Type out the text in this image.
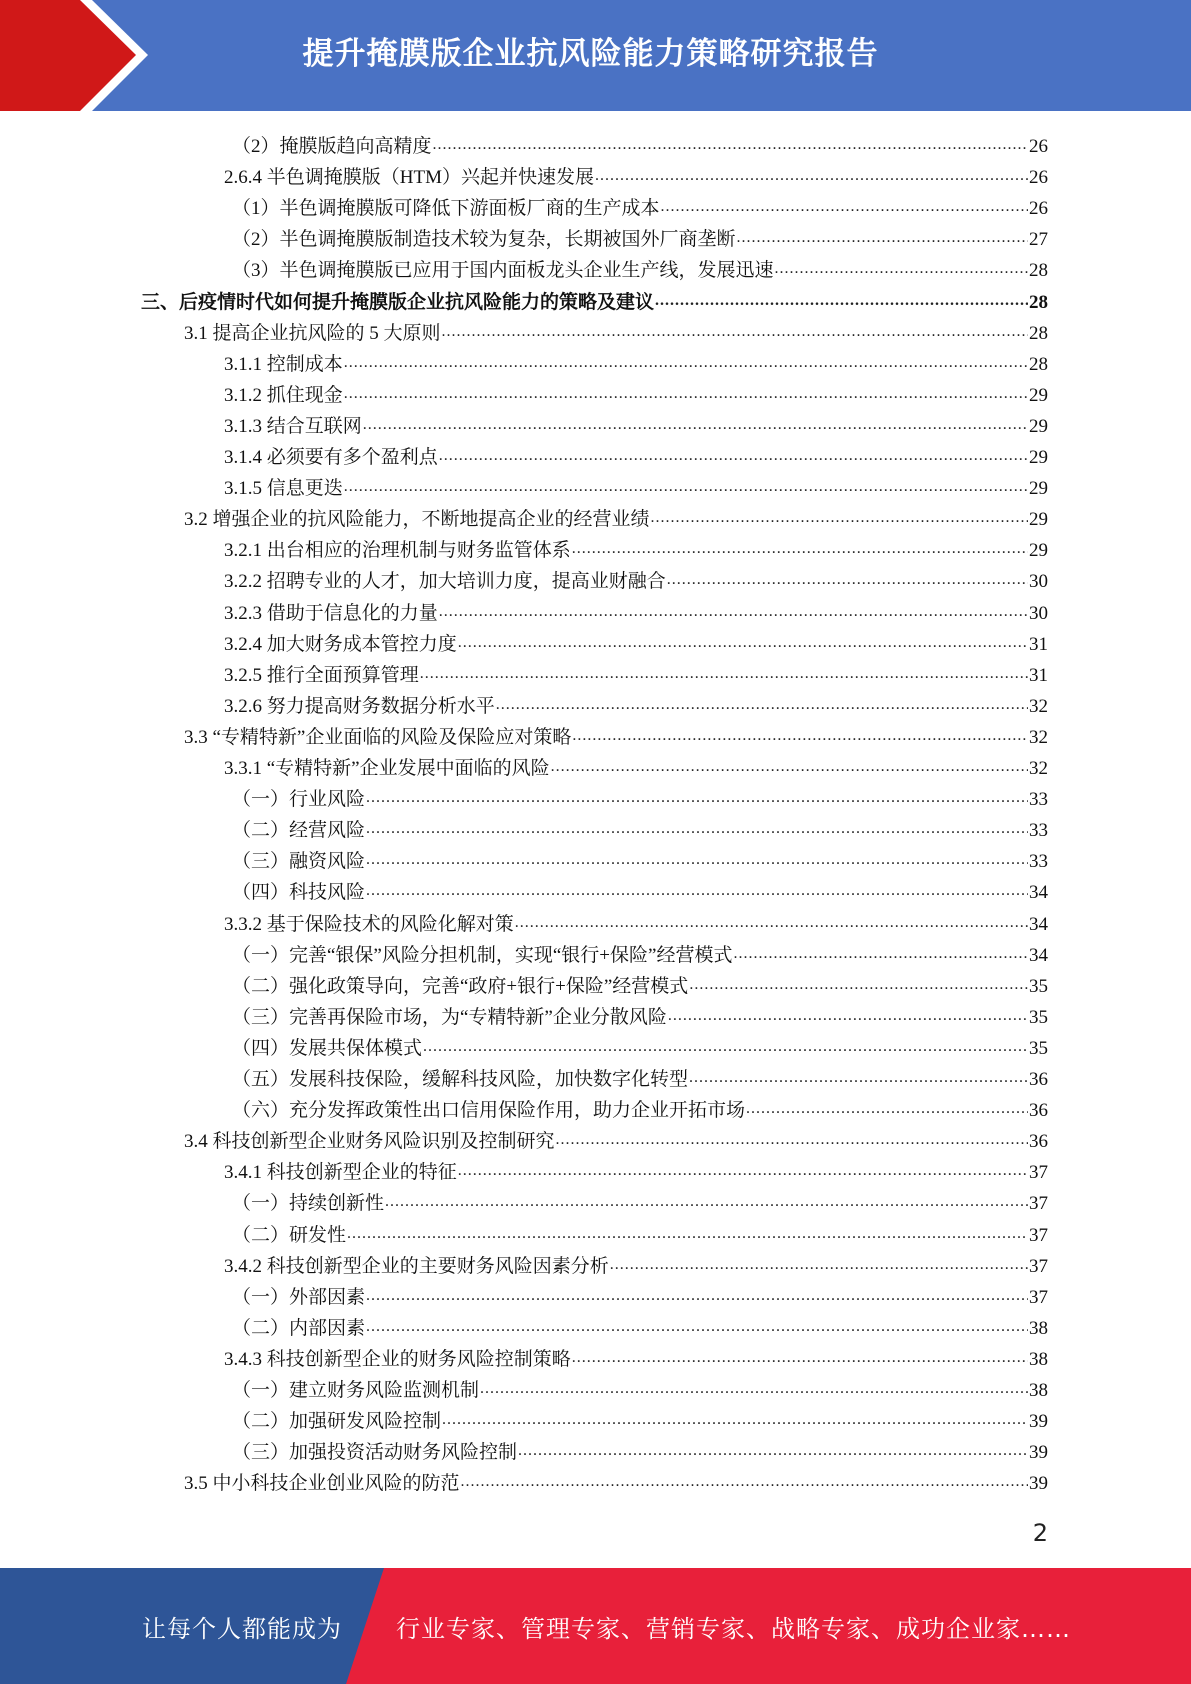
提升掩膜版企业抗风险能力策略研究报告
（2）掩膜版趋向高精度 .....	26
2.6.4 半色调掩膜版（HTM）兴起并快速发展 .....	26
（1）半色调掩膜版可降低下游面板厂商的生产成本 .....	26
（2）半色调掩膜版制造技术较为复杂，长期被国外厂商垄断 .....	27
（3）半色调掩膜版已应用于国内面板龙头企业生产线，发展迅速 .....	28
三、后疫情时代如何提升掩膜版企业抗风险能力的策略及建议 .....	28
3.1 提高企业抗风险的 5 大原则 .....	28
3.1.1 控制成本 .....	28
3.1.2 抓住现金 .....	29
3.1.3 结合互联网 .....	29
3.1.4 必须要有多个盈利点 .....	29
3.1.5 信息更迭 .....	29
3.2 增强企业的抗风险能力，不断地提高企业的经营业绩 .....	29
3.2.1 出台相应的治理机制与财务监管体系 .....	29
3.2.2 招聘专业的人才，加大培训力度，提高业财融合 .....	30
3.2.3 借助于信息化的力量 .....	30
3.2.4 加大财务成本管控力度 .....	31
3.2.5 推行全面预算管理 .....	31
3.2.6 努力提高财务数据分析水平 .....	32
3.3 “专精特新”企业面临的风险及保险应对策略 .....	32
3.3.1 “专精特新”企业发展中面临的风险 .....	32
（一）行业风险 .....	33
（二）经营风险 .....	33
（三）融资风险 .....	33
（四）科技风险 .....	34
3.3.2 基于保险技术的风险化解对策 .....	34
（一）完善“银保”风险分担机制，实现“银行+保险”经营模式 .....	34
（二）强化政策导向，完善“政府+银行+保险”经营模式 .....	35
（三）完善再保险市场，为“专精特新”企业分散风险 .....	35
（四）发展共保体模式 .....	35
（五）发展科技保险，缓解科技风险，加快数字化转型 .....	36
（六）充分发挥政策性出口信用保险作用，助力企业开拓市场 .....	36
3.4 科技创新型企业财务风险识别及控制研究 .....	36
3.4.1 科技创新型企业的特征 .....	37
（一）持续创新性 .....	37
（二）研发性 .....	37
3.4.2 科技创新型企业的主要财务风险因素分析 .....	37
（一）外部因素 .....	37
（二）内部因素 .....	38
3.4.3 科技创新型企业的财务风险控制策略 .....	38
（一）建立财务风险监测机制 .....	38
（二）加强研发风险控制 .....	39
（三）加强投资活动财务风险控制 .....	39
3.5 中小科技企业创业风险的防范 .....	39
2
让每个人都能成为 行业专家、管理专家、营销专家、战略专家、成功企业家……
